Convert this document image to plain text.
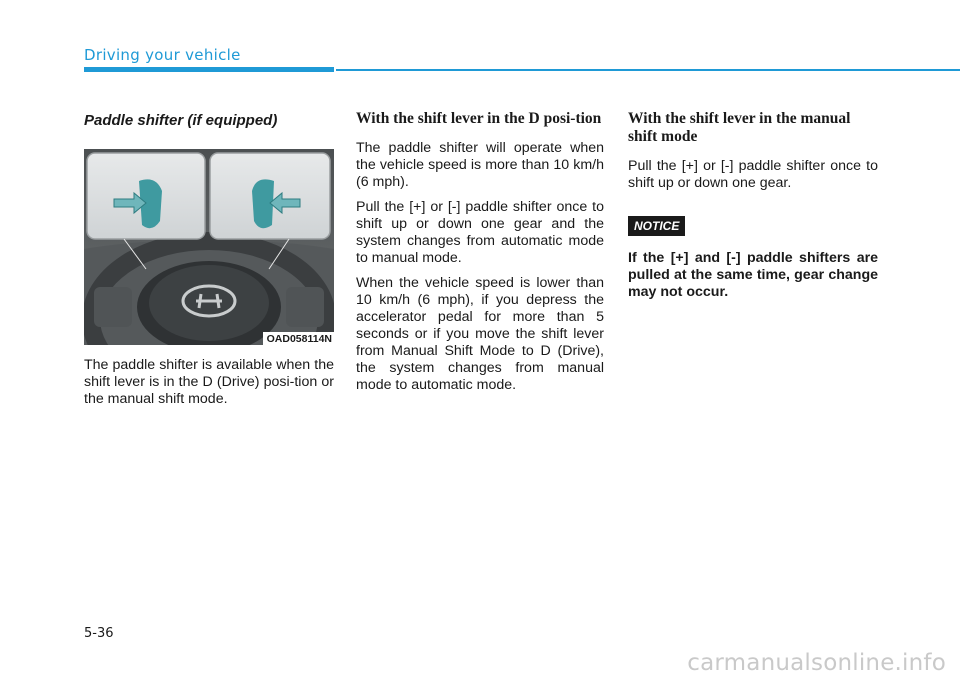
Driving your vehicle
Paddle shifter (if equipped)
OAD058114N

The paddle shifter is available when the shift lever is in the D (Drive) posi-tion or the manual shift mode.

With the shift lever in the D posi-tion

The paddle shifter will operate when the vehicle speed is more than 10 km/h (6 mph).

Pull the [+] or [-] paddle shifter once to shift up or down one gear and the system changes from automatic mode to manual mode.

When the vehicle speed is lower than 10 km/h (6 mph), if you depress the accelerator pedal for more than 5 seconds or if you move the shift lever from Manual Shift Mode to D (Drive), the system changes from manual mode to automatic mode.

With the shift lever in the manual shift mode

Pull the [+] or [-] paddle shifter once to shift up or down one gear.

NOTICE

If the [+] and [-] paddle shifters are pulled at the same time, gear change may not occur.

5-36
carmanualsonline.info
